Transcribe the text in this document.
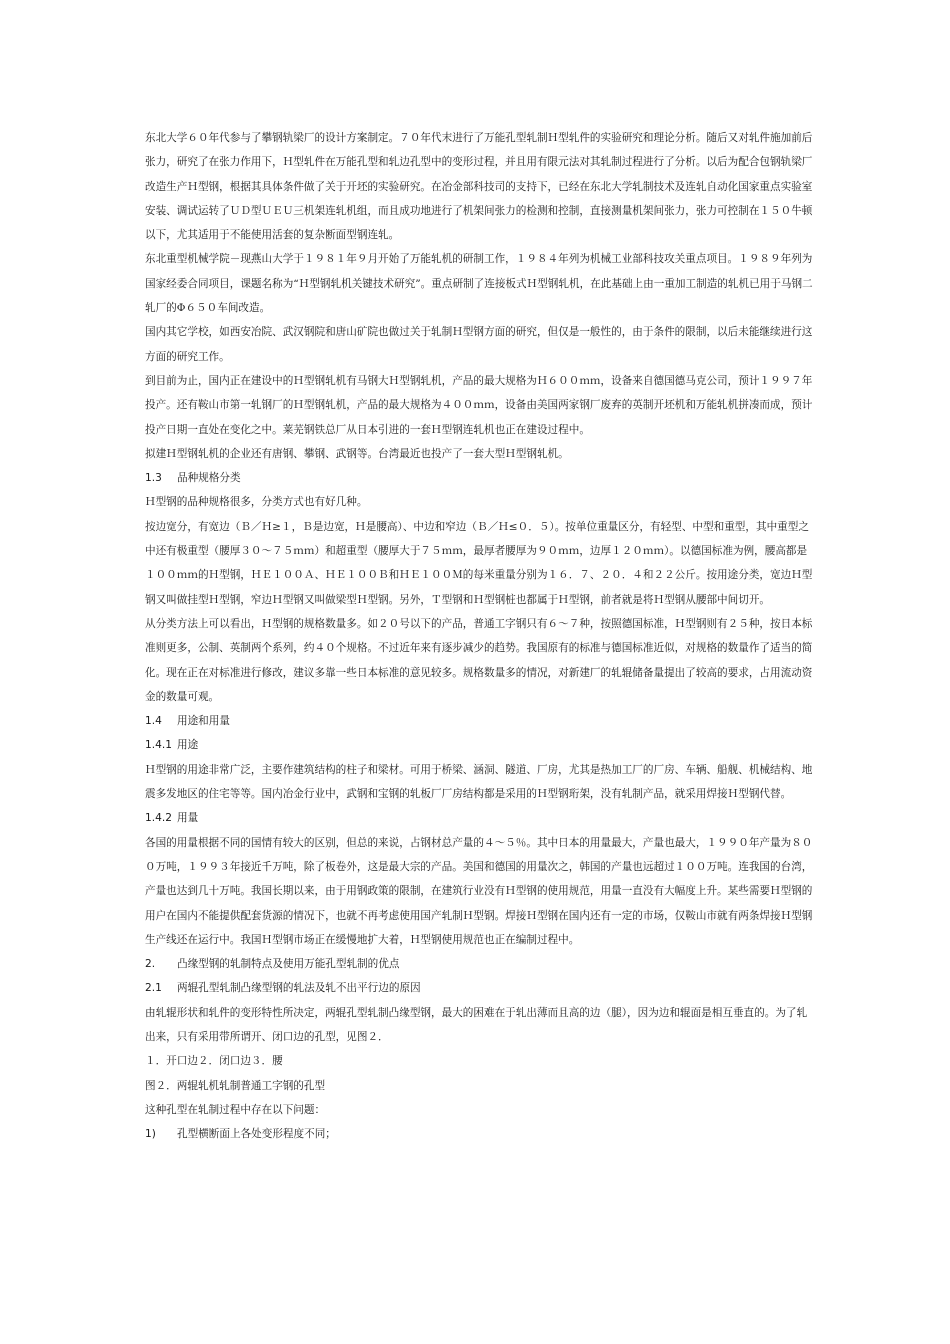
东北大学６０年代参与了攀钢轨梁厂的设计方案制定。７０年代末进行了万能孔型轧制Ｈ型轧件的实验研究和理论分析。随后又对轧件施加前后张力，研究了在张力作用下，Ｈ型轧件在万能孔型和轧边孔型中的变形过程，并且用有限元法对其轧制过程进行了分析。以后为配合包钢轨梁厂改造生产Ｈ型钢，根据其具体条件做了关于开坯的实验研究。在冶金部科技司的支持下，已经在东北大学轧制技术及连轧自动化国家重点实验室安装、调试运转了ＵＤ型ＵＥＵ三机架连轧机组，而且成功地进行了机架间张力的检测和控制，直接测量机架间张力，张力可控制在１５０牛顿以下，尤其适用于不能使用活套的复杂断面型钢连轧。

东北重型机械学院－现燕山大学于１９８１年９月开始了万能轧机的研制工作，１９８４年列为机械工业部科技攻关重点项目。１９８９年列为国家经委合同项目，课题名称为“Ｈ型钢轧机关键技术研究”。重点研制了连接板式Ｈ型钢轧机，在此基础上由一重加工制造的轧机已用于马钢二轧厂的Φ６５０车间改造。

国内其它学校，如西安冶院、武汉钢院和唐山矿院也做过关于轧制Ｈ型钢方面的研究，但仅是一般性的，由于条件的限制，以后未能继续进行这方面的研究工作。

到目前为止，国内正在建设中的Ｈ型钢轧机有马钢大Ｈ型钢轧机，产品的最大规格为Ｈ６００ｍｍ，设备来自德国德马克公司，预计１９９７年投产。还有鞍山市第一轧钢厂的Ｈ型钢轧机，产品的最大规格为４００ｍｍ，设备由美国两家钢厂废弃的英制开坯机和万能轧机拼凑而成，预计投产日期一直处在变化之中。莱芜钢铁总厂从日本引进的一套Ｈ型钢连轧机也正在建设过程中。

拟建Ｈ型钢轧机的企业还有唐钢、攀钢、武钢等。台湾最近也投产了一套大型Ｈ型钢轧机。

1.3 品种规格分类

Ｈ型钢的品种规格很多，分类方式也有好几种。

按边宽分，有宽边（Ｂ／Ｈ≥１，Ｂ是边宽，Ｈ是腰高）、中边和窄边（Ｂ／Ｈ≤０．５）。按单位重量区分，有轻型、中型和重型，其中重型之中还有极重型（腰厚３０～７５ｍｍ）和超重型（腰厚大于７５ｍｍ，最厚者腰厚为９０ｍｍ，边厚１２０ｍｍ）。以德国标准为例，腰高都是１００ｍｍ的Ｈ型钢，ＨＥ１００Ａ、ＨＥ１００Ｂ和ＨＥ１００Ｍ的每米重量分别为１６．７、２０．４和２２公斤。按用途分类，宽边Ｈ型钢又叫做挂型Ｈ型钢，窄边Ｈ型钢又叫做梁型Ｈ型钢。另外，Ｔ型钢和Ｈ型钢桩也都属于Ｈ型钢，前者就是将Ｈ型钢从腰部中间切开。

从分类方法上可以看出，Ｈ型钢的规格数量多。如２０号以下的产品，普通工字钢只有６～７种，按照德国标准，Ｈ型钢则有２５种，按日本标准则更多，公制、英制两个系列，约４０个规格。不过近年来有逐步减少的趋势。我国原有的标准与德国标准近似，对规格的数量作了适当的简化。现在正在对标准进行修改，建议多靠一些日本标准的意见较多。规格数量多的情况，对新建厂的轧辊储备量提出了较高的要求，占用流动资金的数量可观。

1.4 用途和用量
1.4.1 用途

Ｈ型钢的用途非常广泛，主要作建筑结构的柱子和梁材。可用于桥梁、涵洞、隧道、厂房，尤其是热加工厂的厂房、车辆、船舰、机械结构、地震多发地区的住宅等等。国内冶金行业中，武钢和宝钢的轧板厂厂房结构都是采用的Ｈ型钢珩架，没有轧制产品，就采用焊接Ｈ型钢代替。

1.4.2 用量

各国的用量根据不同的国情有较大的区别，但总的来说，占钢材总产量的４～５％。其中日本的用量最大，产量也最大，１９９０年产量为８００万吨，１９９３年接近千万吨，除了板卷外，这是最大宗的产品。美国和德国的用量次之，韩国的产量也远超过１００万吨。连我国的台湾，产量也达到几十万吨。我国长期以来，由于用钢政策的限制，在建筑行业没有Ｈ型钢的使用规范，用量一直没有大幅度上升。某些需要Ｈ型钢的用户在国内不能提供配套货源的情况下，也就不再考虑使用国产轧制Ｈ型钢。焊接Ｈ型钢在国内还有一定的市场，仅鞍山市就有两条焊接Ｈ型钢生产线还在运行中。我国Ｈ型钢市场正在缓慢地扩大着，Ｈ型钢使用规范也正在编制过程中。

2. 凸缘型钢的轧制特点及使用万能孔型轧制的优点
2.1 两辊孔型轧制凸缘型钢的轧法及轧不出平行边的原因

由轧辊形状和轧件的变形特性所决定，两辊孔型轧制凸缘型钢，最大的困难在于轧出薄而且高的边（腿），因为边和辊面是相互垂直的。为了轧出来，只有采用带所谓开、闭口边的孔型，见图２．

１．开口边２．闭口边３．腰

图２．两辊轧机轧制普通工字钢的孔型

这种孔型在轧制过程中存在以下问题：

1) 孔型横断面上各处变形程度不同；
